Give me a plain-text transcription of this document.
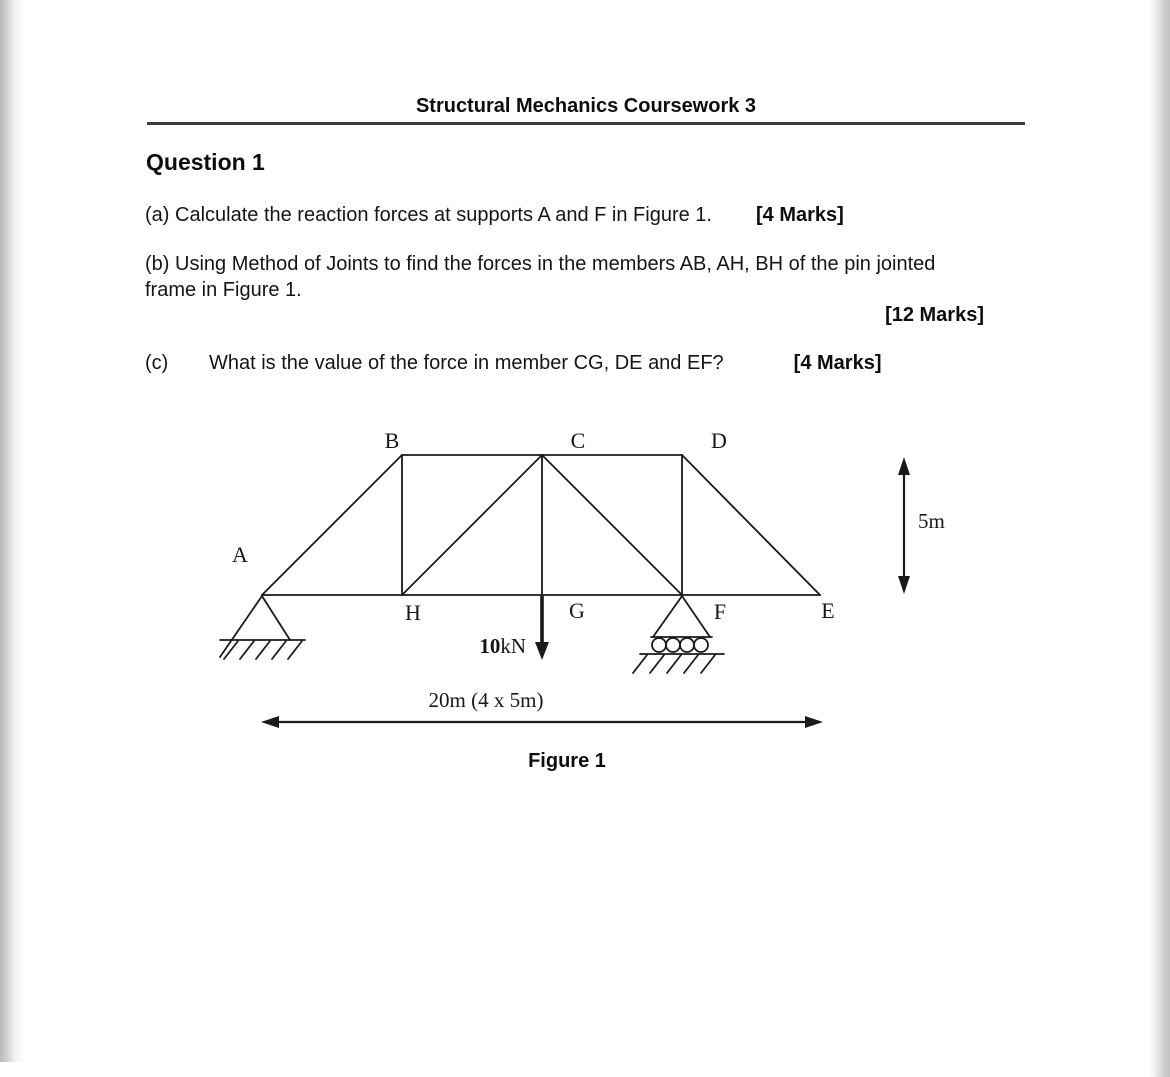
Structural Mechanics Coursework 3
Question 1
(a) Calculate the reaction forces at supports A and F in Figure 1. [4 Marks]
(b) Using Method of Joints to find the forces in the members AB, AH, BH of the pin jointed frame in Figure 1.
[12 Marks]
(c)	What is the value of the force in member CG, DE and EF?	[4 Marks]
10kN
A
B	C	D
H	G	F	E
5m
20m (4 x 5m)
Figure 1
